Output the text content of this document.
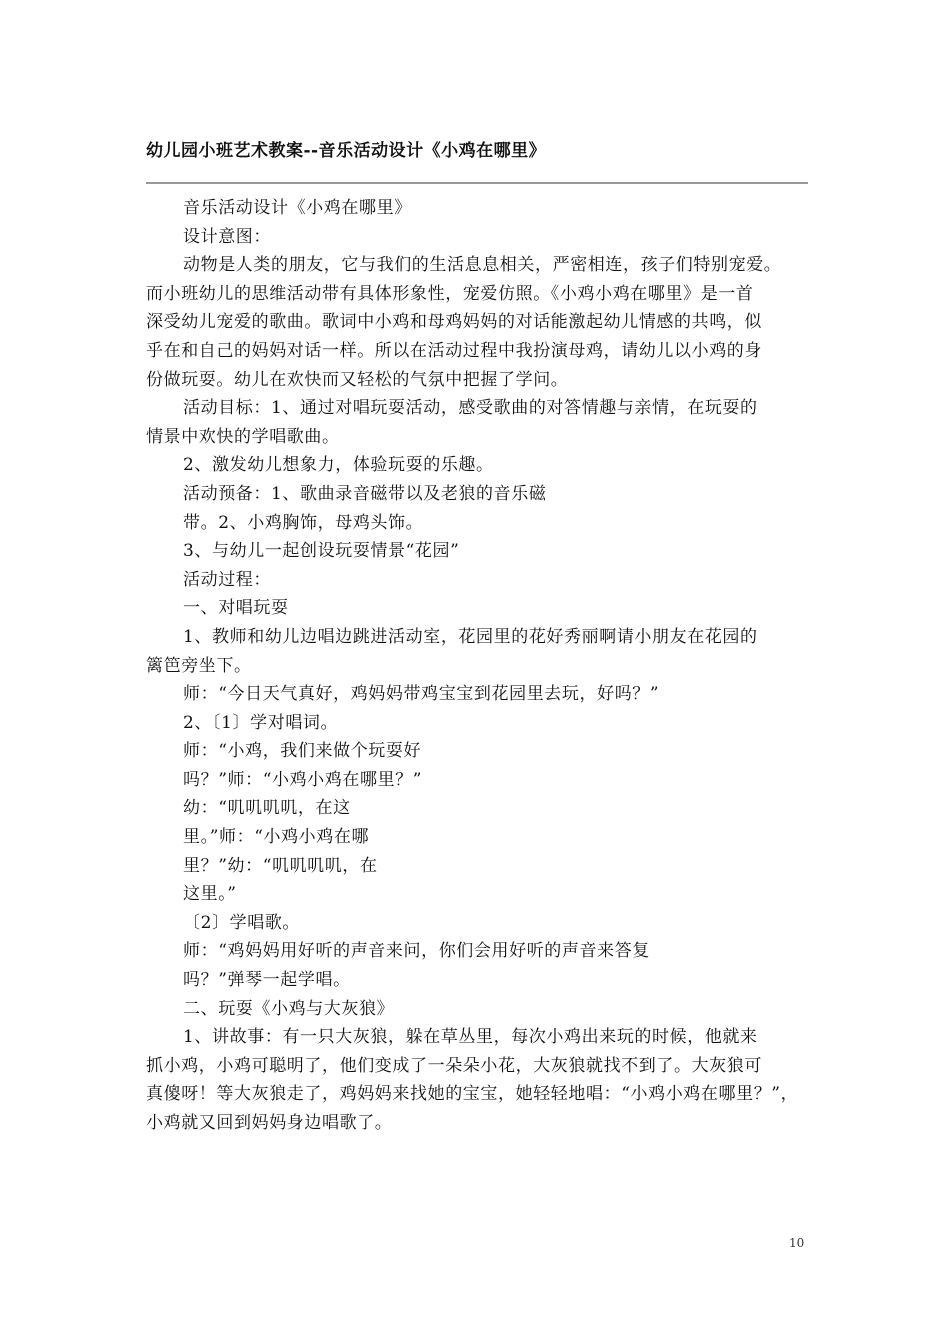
幼儿园小班艺术教案--音乐活动设计《小鸡在哪里》

音乐活动设计《小鸡在哪里》

设计意图：

动物是人类的朋友，它与我们的生活息息相关，严密相连，孩子们特别宠爱。

而小班幼儿的思维活动带有具体形象性，宠爱仿照。《小鸡小鸡在哪里》是一首

深受幼儿宠爱的歌曲。歌词中小鸡和母鸡妈妈的对话能激起幼儿情感的共鸣，似

乎在和自己的妈妈对话一样。所以在活动过程中我扮演母鸡，请幼儿以小鸡的身

份做玩耍。幼儿在欢快而又轻松的气氛中把握了学问。

活动目标：1、通过对唱玩耍活动，感受歌曲的对答情趣与亲情，在玩耍的

情景中欢快的学唱歌曲。

2、激发幼儿想象力，体验玩耍的乐趣。

活动预备：1、歌曲录音磁带以及老狼的音乐磁

带。2、小鸡胸饰，母鸡头饰。

3、与幼儿一起创设玩耍情景“花园”

活动过程：

一、对唱玩耍

1、教师和幼儿边唱边跳进活动室，花园里的花好秀丽啊请小朋友在花园的

篱笆旁坐下。

师：“今日天气真好，鸡妈妈带鸡宝宝到花园里去玩，好吗？”

2、〔1〕学对唱词。

师：“小鸡，我们来做个玩耍好

吗？”师：“小鸡小鸡在哪里？”

幼：“叽叽叽叽，在这

里。”师：“小鸡小鸡在哪

里？”幼：“叽叽叽叽，在

这里。”

〔2〕学唱歌。

师：“鸡妈妈用好听的声音来问，你们会用好听的声音来答复

吗？”弹琴一起学唱。

二、玩耍《小鸡与大灰狼》

1、讲故事：有一只大灰狼，躲在草丛里，每次小鸡出来玩的时候，他就来

抓小鸡，小鸡可聪明了，他们变成了一朵朵小花，大灰狼就找不到了。大灰狼可

真傻呀！等大灰狼走了，鸡妈妈来找她的宝宝，她轻轻地唱：“小鸡小鸡在哪里？”，

小鸡就又回到妈妈身边唱歌了。

10
